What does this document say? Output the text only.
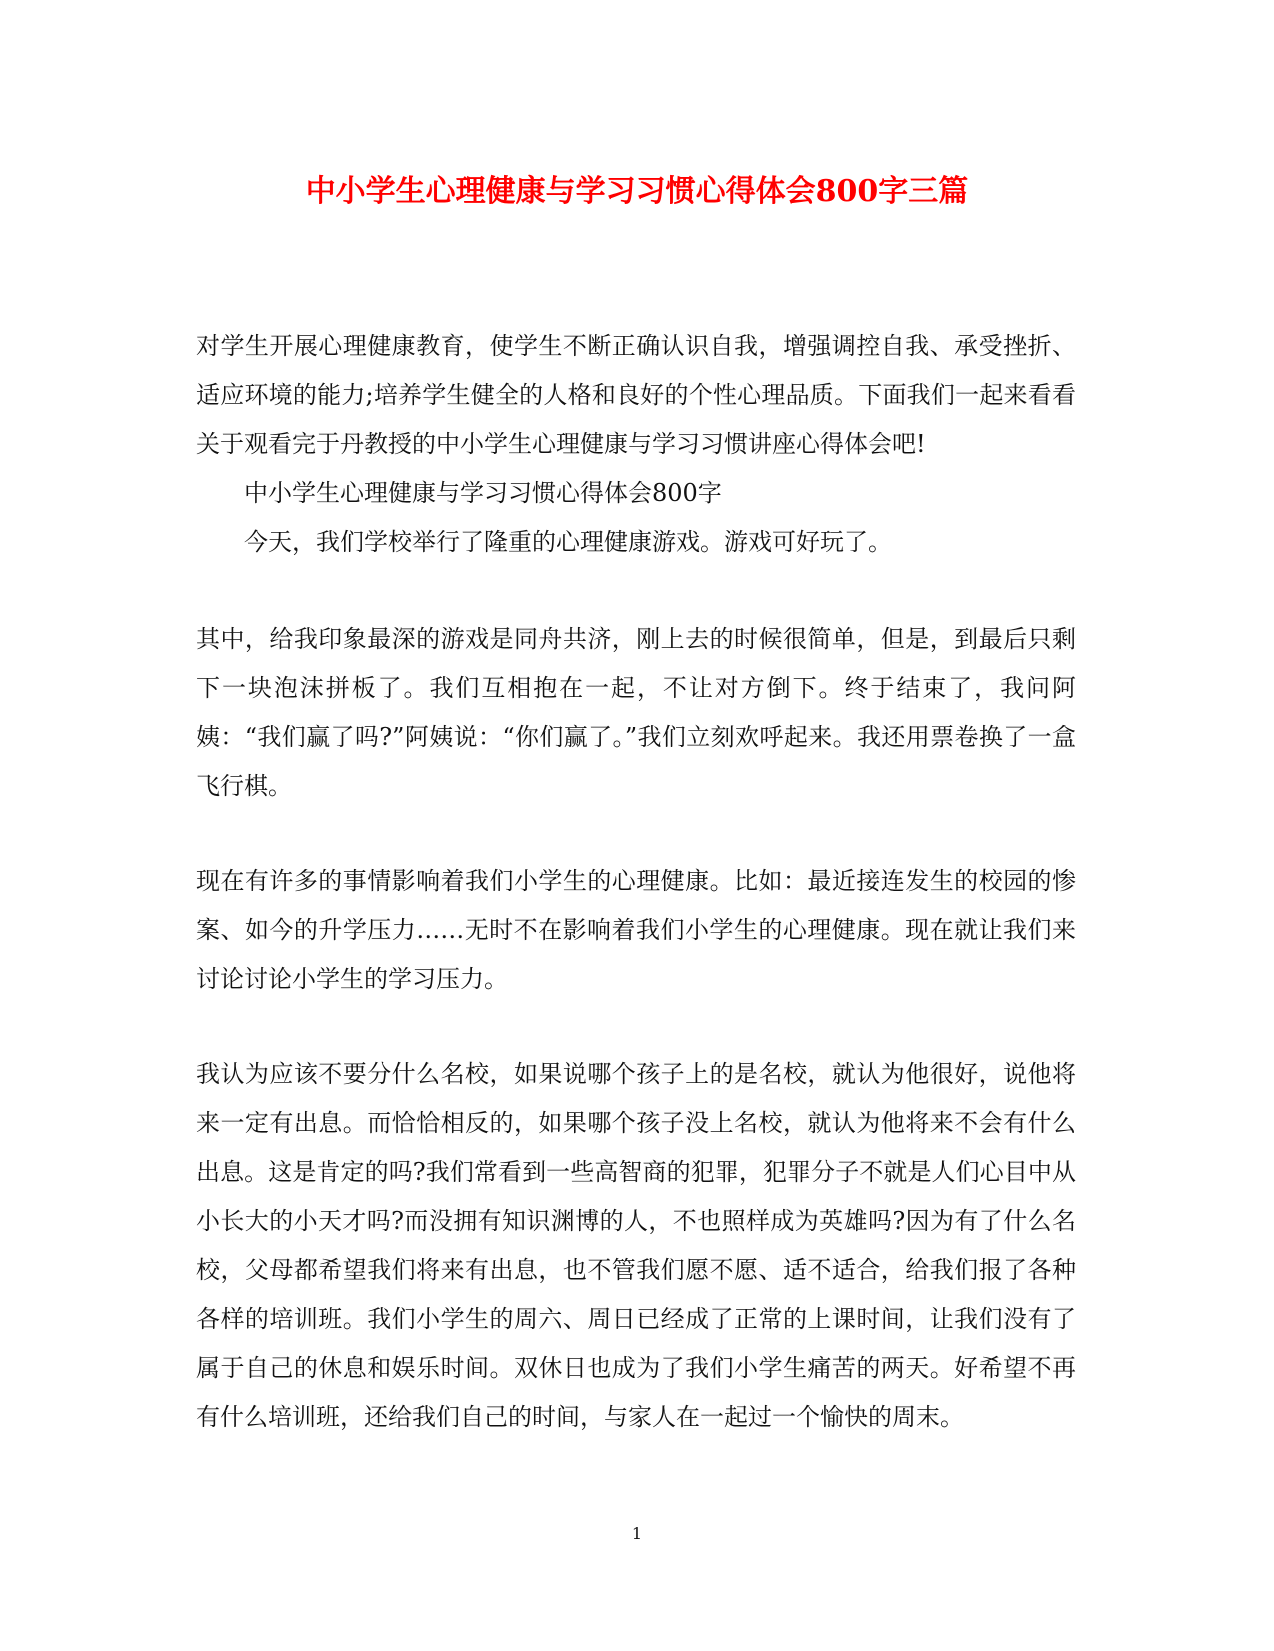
中小学生心理健康与学习习惯心得体会800字三篇

对学生开展心理健康教育，使学生不断正确认识自我，增强调控自我、承受挫折、适应环境的能力;培养学生健全的人格和良好的个性心理品质。下面我们一起来看看关于观看完于丹教授的中小学生心理健康与学习习惯讲座心得体会吧!

中小学生心理健康与学习习惯心得体会800字

今天，我们学校举行了隆重的心理健康游戏。游戏可好玩了。

其中，给我印象最深的游戏是同舟共济，刚上去的时候很简单，但是，到最后只剩下一块泡沫拼板了。我们互相抱在一起，不让对方倒下。终于结束了，我问阿姨：“我们赢了吗?”阿姨说：“你们赢了。”我们立刻欢呼起来。我还用票卷换了一盒飞行棋。

现在有许多的事情影响着我们小学生的心理健康。比如：最近接连发生的校园的惨案、如今的升学压力……无时不在影响着我们小学生的心理健康。现在就让我们来讨论讨论小学生的学习压力。

我认为应该不要分什么名校，如果说哪个孩子上的是名校，就认为他很好，说他将来一定有出息。而恰恰相反的，如果哪个孩子没上名校，就认为他将来不会有什么出息。这是肯定的吗?我们常看到一些高智商的犯罪，犯罪分子不就是人们心目中从小长大的小天才吗?而没拥有知识渊博的人，不也照样成为英雄吗?因为有了什么名校，父母都希望我们将来有出息，也不管我们愿不愿、适不适合，给我们报了各种各样的培训班。我们小学生的周六、周日已经成了正常的上课时间，让我们没有了属于自己的休息和娱乐时间。双休日也成为了我们小学生痛苦的两天。好希望不再有什么培训班，还给我们自己的时间，与家人在一起过一个愉快的周末。

1
